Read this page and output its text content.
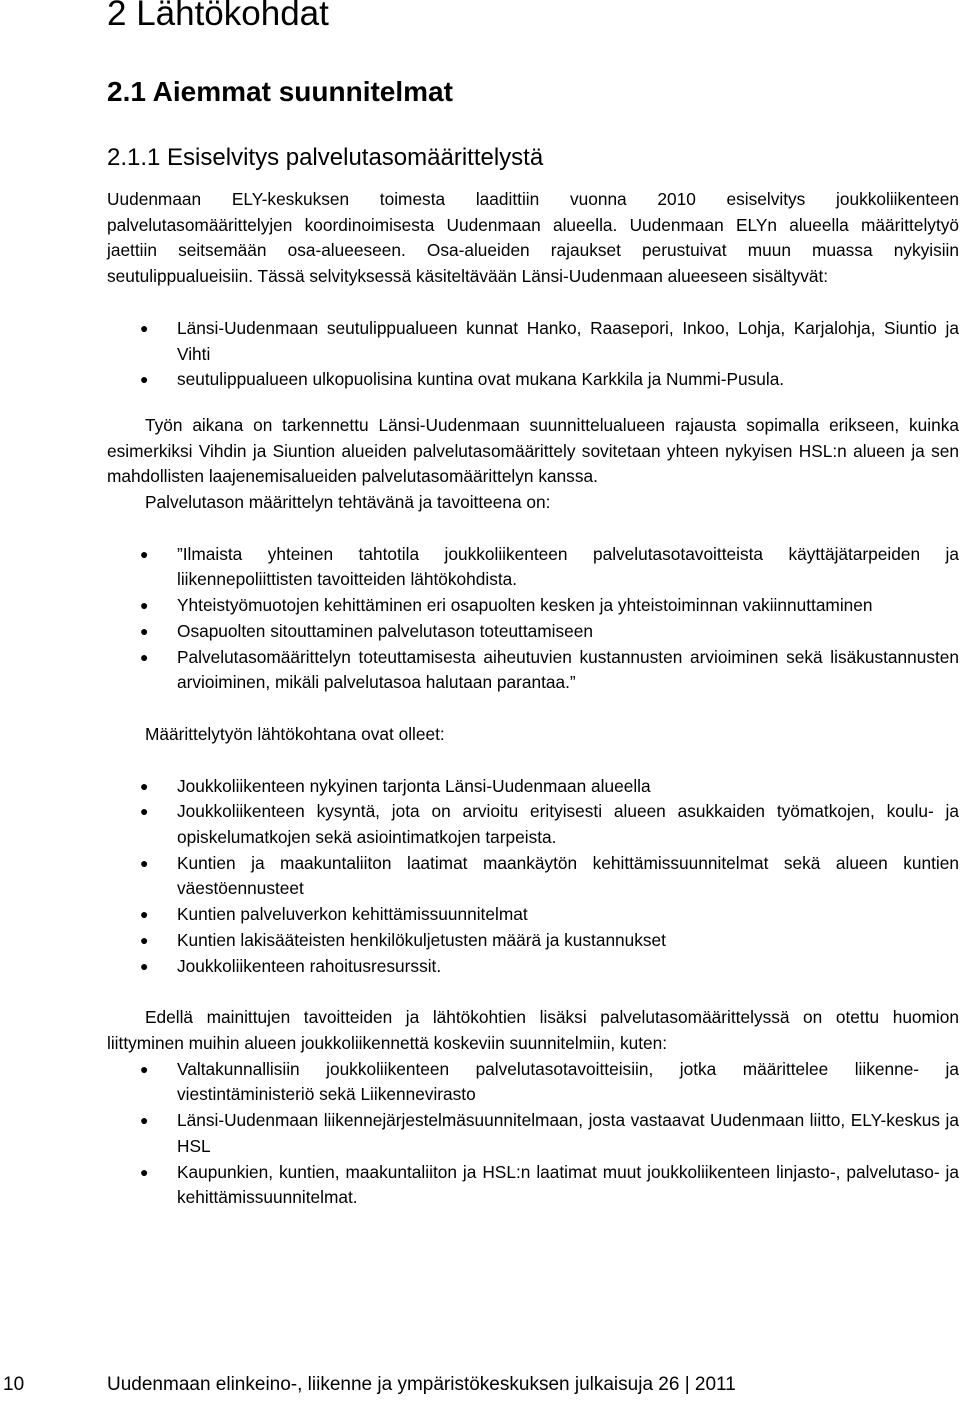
2 Lähtökohdat
2.1 Aiemmat suunnitelmat
2.1.1 Esiselvitys palvelutasomäärittelystä

Uudenmaan ELY-keskuksen toimesta laadittiin vuonna 2010 esiselvitys joukkoliikenteen palvelutasomäärittelyjen koordinoimisesta Uudenmaan alueella. Uudenmaan ELYn alueella määrittelytyö jaettiin seitsemään osa-alueeseen. Osa-alueiden rajaukset perustuivat muun muassa nykyisiin seutulippualueisiin. Tässä selvityksessä käsiteltävään Länsi-Uudenmaan alueeseen sisältyvät:

● Länsi-Uudenmaan seutulippualueen kunnat Hanko, Raasepori, Inkoo, Lohja, Karjalohja, Siuntio ja Vihti
● seutulippualueen ulkopuolisina kuntina ovat mukana Karkkila ja Nummi-Pusula.

Työn aikana on tarkennettu Länsi-Uudenmaan suunnittelualueen rajausta sopimalla erikseen, kuinka esimerkiksi Vihdin ja Siuntion alueiden palvelutasomäärittely sovitetaan yhteen nykyisen HSL:n alueen ja sen mahdollisten laajenemisalueiden palvelutasomäärittelyn kanssa.

Palvelutason määrittelyn tehtävänä ja tavoitteena on:

● ”Ilmaista yhteinen tahtotila joukkoliikenteen palvelutasotavoitteista käyttäjätarpeiden ja liikennepoliittisten tavoitteiden lähtökohdista.
● Yhteistyömuotojen kehittäminen eri osapuolten kesken ja yhteistoiminnan vakiinnuttaminen
● Osapuolten sitouttaminen palvelutason toteuttamiseen
● Palvelutasomäärittelyn toteuttamisesta aiheutuvien kustannusten arvioiminen sekä lisäkustannusten arvioiminen, mikäli palvelutasoa halutaan parantaa.”

Määrittelytyön lähtökohtana ovat olleet:

● Joukkoliikenteen nykyinen tarjonta Länsi-Uudenmaan alueella
● Joukkoliikenteen kysyntä, jota on arvioitu erityisesti alueen asukkaiden työmatkojen, koulu- ja opiskelumatkojen sekä asiointimatkojen tarpeista.
● Kuntien ja maakuntaliiton laatimat maankäytön kehittämissuunnitelmat sekä alueen kuntien väestöennusteet
● Kuntien palveluverkon kehittämissuunnitelmat
● Kuntien lakisääteisten henkilökuljetusten määrä ja kustannukset
● Joukkoliikenteen rahoitusresurssit.

Edellä mainittujen tavoitteiden ja lähtökohtien lisäksi palvelutasomäärittelyssä on otettu huomion liittyminen muihin alueen joukkoliikennettä koskeviin suunnitelmiin, kuten:

● Valtakunnallisiin joukkoliikenteen palvelutasotavoitteisiin, jotka määrittelee liikenne- ja viestintäministeriö sekä Liikennevirasto
● Länsi-Uudenmaan liikennejärjestelmäsuunnitelmaan, josta vastaavat Uudenmaan liitto, ELY-keskus ja HSL
● Kaupunkien, kuntien, maakuntaliiton ja HSL:n laatimat muut joukkoliikenteen linjasto-, palvelutaso- ja kehittämissuunnitelmat.
10	Uudenmaan elinkeino-, liikenne ja ympäristökeskuksen julkaisuja 26 | 2011
